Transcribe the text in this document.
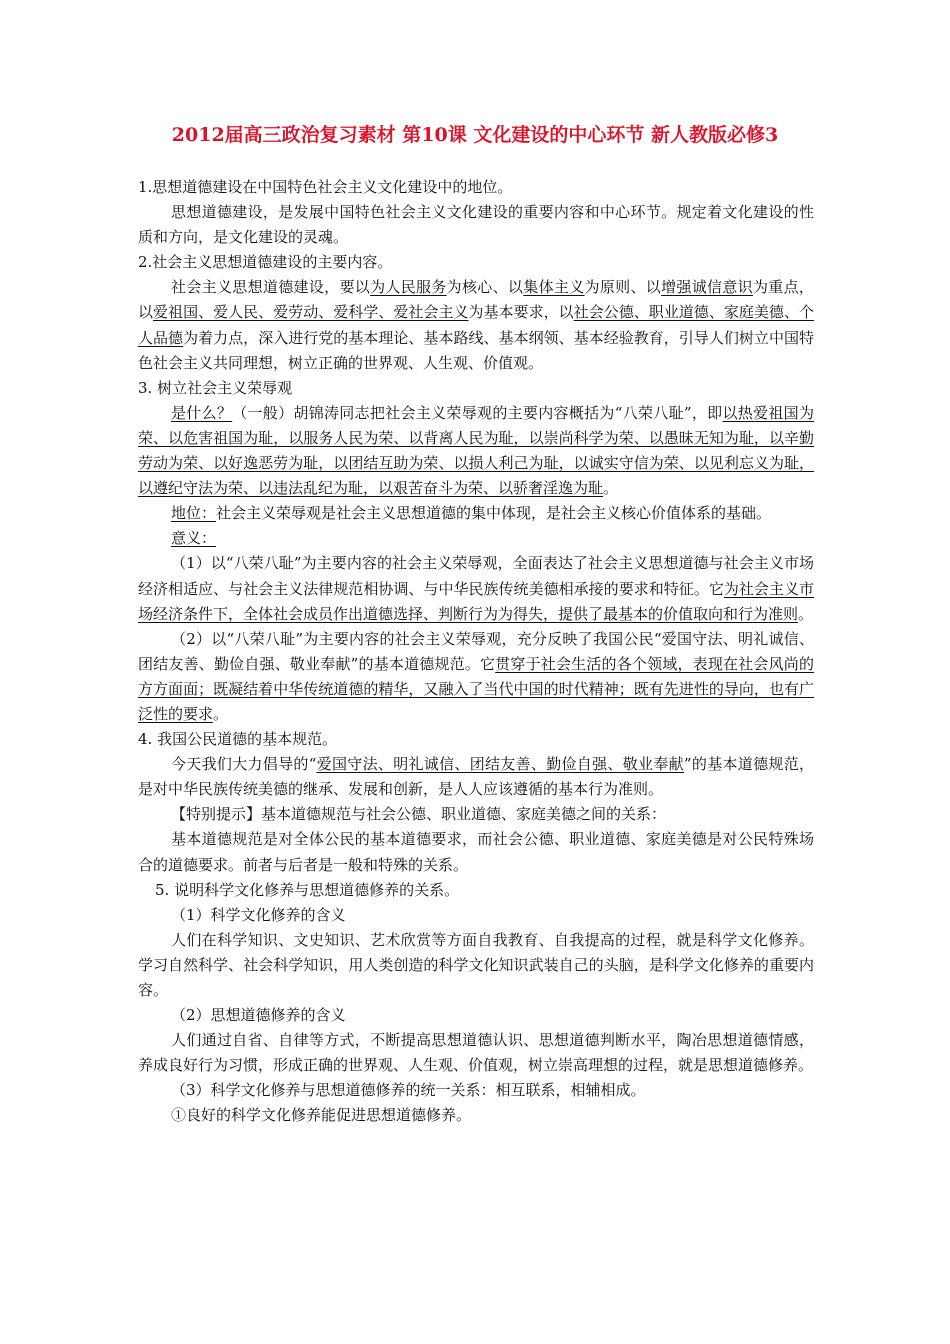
2012届高三政治复习素材 第10课 文化建设的中心环节 新人教版必修3

1.思想道德建设在中国特色社会主义文化建设中的地位。

思想道德建设，是发展中国特色社会主义文化建设的重要内容和中心环节。规定着文化建设的性质和方向，是文化建设的灵魂。

2.社会主义思想道德建设的主要内容。

社会主义思想道德建设，要以为人民服务为核心、以集体主义为原则、以增强诚信意识为重点，以爱祖国、爱人民、爱劳动、爱科学、爱社会主义为基本要求，以社会公德、职业道德、家庭美德、个人品德为着力点，深入进行党的基本理论、基本路线、基本纲领、基本经验教育，引导人们树立中国特色社会主义共同理想，树立正确的世界观、人生观、价值观。

3. 树立社会主义荣辱观

是什么？（一般）胡锦涛同志把社会主义荣辱观的主要内容概括为“八荣八耻”，即以热爱祖国为荣、以危害祖国为耻，以服务人民为荣、以背离人民为耻，以崇尚科学为荣、以愚昧无知为耻，以辛勤劳动为荣、以好逸恶劳为耻，以团结互助为荣、以损人利己为耻，以诚实守信为荣、以见利忘义为耻，以遵纪守法为荣、以违法乱纪为耻，以艰苦奋斗为荣、以骄奢淫逸为耻。

地位：社会主义荣辱观是社会主义思想道德的集中体现，是社会主义核心价值体系的基础。

意义：

（1）以“八荣八耻”为主要内容的社会主义荣辱观，全面表达了社会主义思想道德与社会主义市场经济相适应、与社会主义法律规范相协调、与中华民族传统美德相承接的要求和特征。它为社会主义市场经济条件下，全体社会成员作出道德选择、判断行为为得失，提供了最基本的价值取向和行为准则。

（2）以“八荣八耻”为主要内容的社会主义荣辱观，充分反映了我国公民“爱国守法、明礼诚信、团结友善、勤俭自强、敬业奉献”的基本道德规范。它贯穿于社会生活的各个领域，表现在社会风尚的方方面面；既凝结着中华传统道德的精华，又融入了当代中国的时代精神；既有先进性的导向，也有广泛性的要求。

4. 我国公民道德的基本规范。

今天我们大力倡导的“爱国守法、明礼诚信、团结友善、勤俭自强、敬业奉献”的基本道德规范，是对中华民族传统美德的继承、发展和创新，是人人应该遵循的基本行为准则。

【特别提示】基本道德规范与社会公德、职业道德、家庭美德之间的关系：

基本道德规范是对全体公民的基本道德要求，而社会公德、职业道德、家庭美德是对公民特殊场合的道德要求。前者与后者是一般和特殊的关系。

5. 说明科学文化修养与思想道德修养的关系。

（1）科学文化修养的含义

人们在科学知识、文史知识、艺术欣赏等方面自我教育、自我提高的过程，就是科学文化修养。学习自然科学、社会科学知识，用人类创造的科学文化知识武装自己的头脑，是科学文化修养的重要内容。

（2）思想道德修养的含义

人们通过自省、自律等方式，不断提高思想道德认识、思想道德判断水平，陶冶思想道德情感，养成良好行为习惯，形成正确的世界观、人生观、价值观，树立崇高理想的过程，就是思想道德修养。

（3）科学文化修养与思想道德修养的统一关系：相互联系，相辅相成。

①良好的科学文化修养能促进思想道德修养。
